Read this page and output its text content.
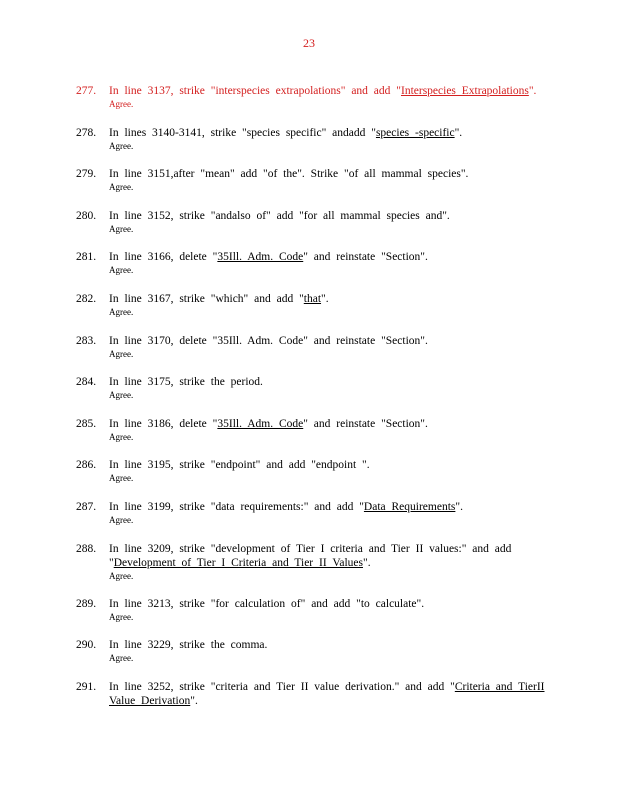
23
277. In line 3137, strike "interspecies extrapolations" and add "Interspecies Extrapolations".
Agree.
278. In lines 3140-3141, strike "species specific" andadd "species -specific".
Agree.
279. In line 3151,after "mean" add "of the". Strike "of all mammal species".
Agree.
280. In line 3152, strike "andalso of" add "for all mammal species and".
Agree.
281. In line 3166, delete "35Ill. Adm. Code" and reinstate "Section".
Agree.
282. In line 3167, strike "which" and add "that".
Agree.
283. In line 3170, delete "35Ill. Adm. Code" and reinstate "Section".
Agree.
284. In line 3175, strike the period.
Agree.
285. In line 3186, delete "35Ill. Adm. Code" and reinstate "Section".
Agree.
286. In line 3195, strike "endpoint" and add "endpoint ".
Agree.
287. In line 3199, strike "data requirements:" and add "Data Requirements".
Agree.
288. In line 3209, strike "development of Tier I criteria and Tier II values:" and add "Development of Tier I Criteria and Tier II Values".
Agree.
289. In line 3213, strike "for calculation of" and add "to calculate".
Agree.
290. In line 3229, strike the comma.
Agree.
291. In line 3252, strike "criteria and Tier II value derivation." and add "Criteria and TierII Value Derivation".
